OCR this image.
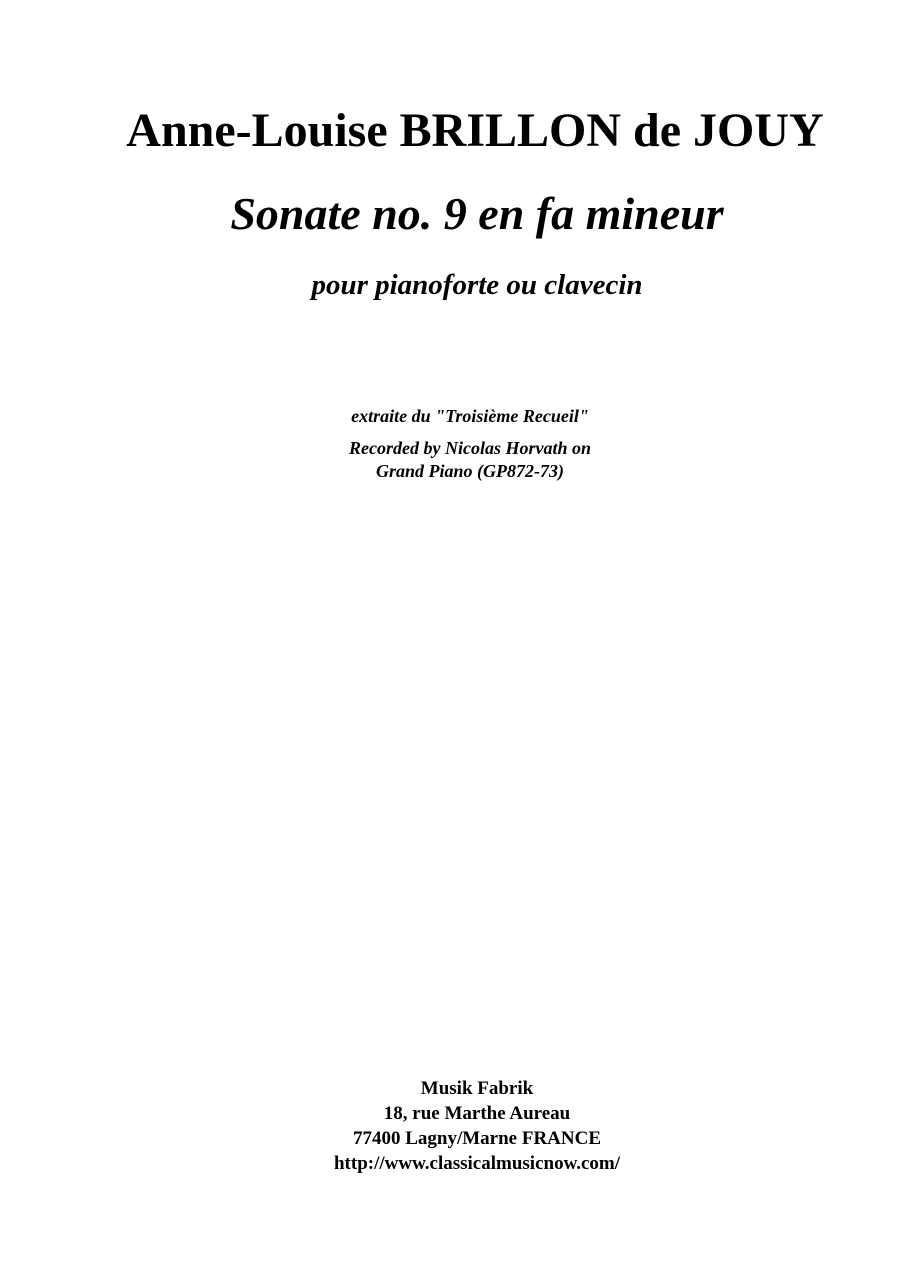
Anne-Louise BRILLON de JOUY
Sonate no. 9 en fa mineur

pour pianoforte ou clavecin

extraite du "Troisième Recueil"

Recorded by Nicolas Horvath on
Grand Piano (GP872-73)

Musik Fabrik
18, rue Marthe Aureau
77400 Lagny/Marne FRANCE
http://www.classicalmusicnow.com/
